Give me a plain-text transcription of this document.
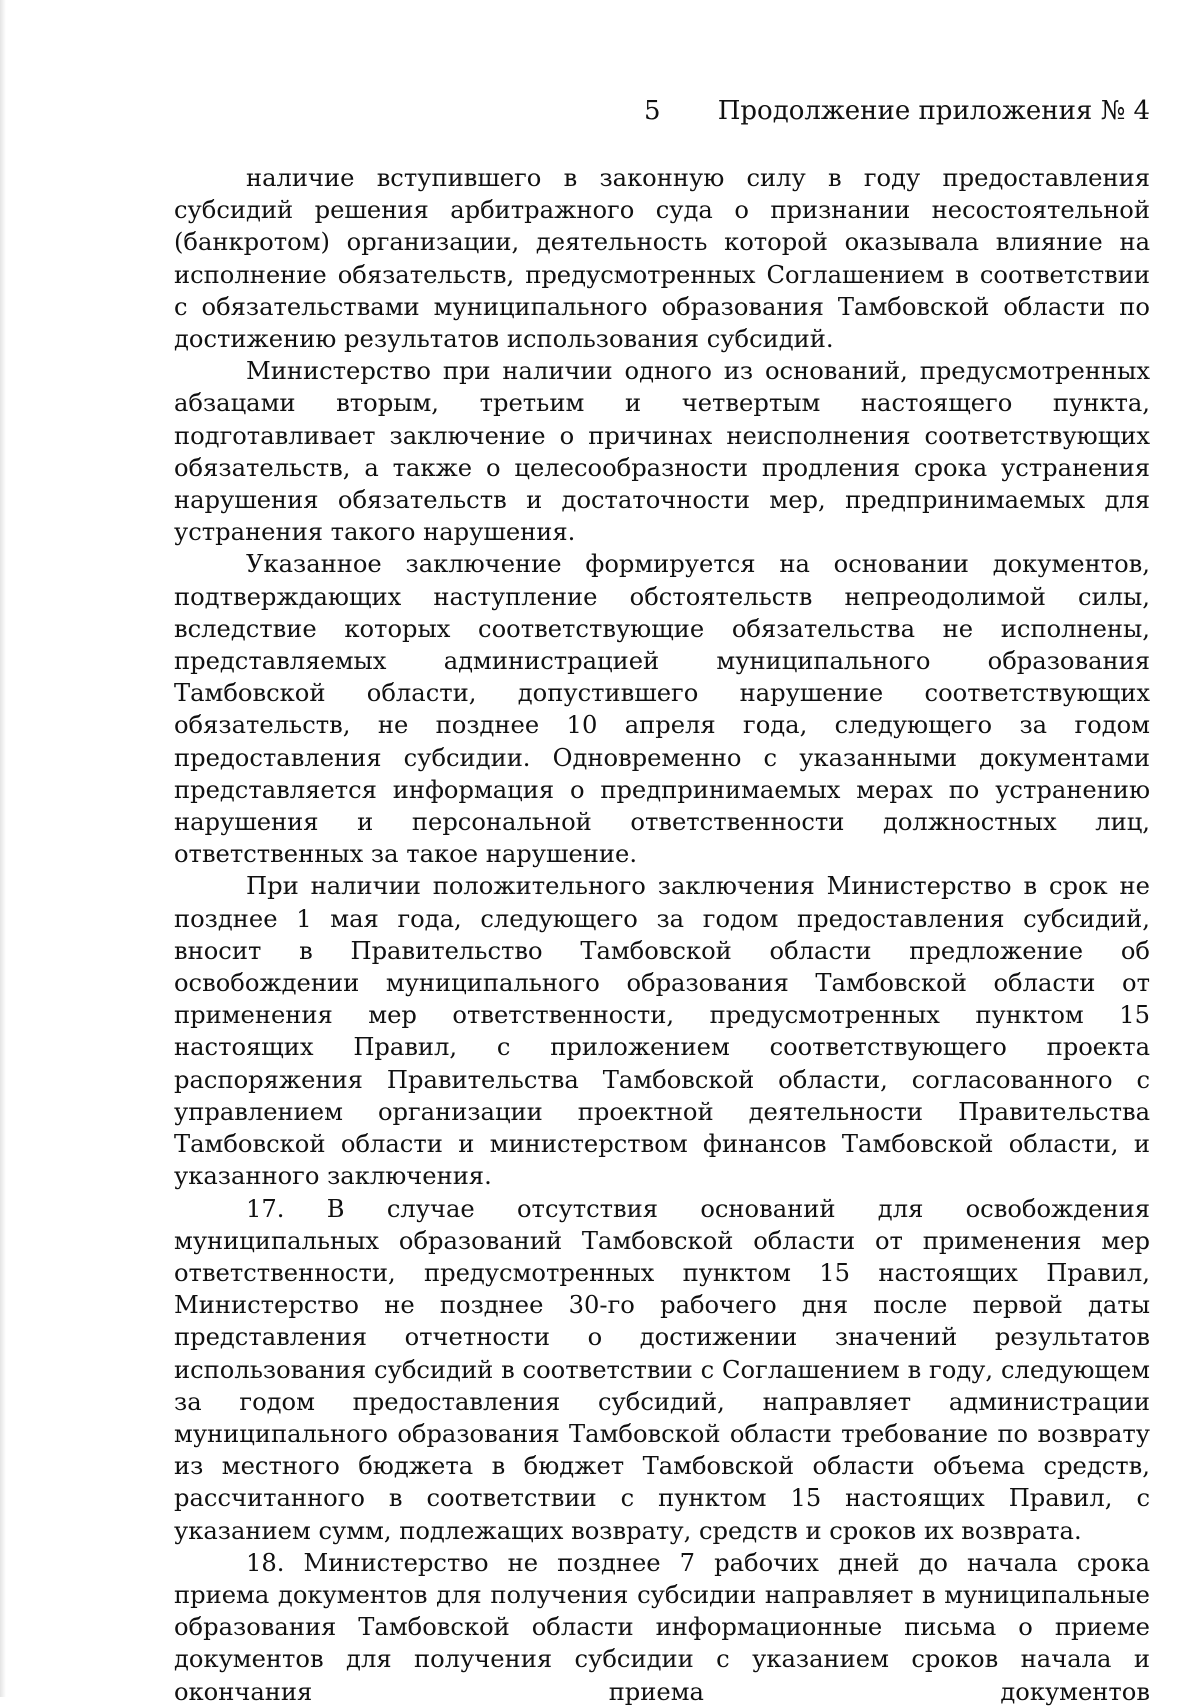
5 Продолжение приложения № 4

наличие вступившего в законную силу в году предоставления субсидий решения арбитражного суда о признании несостоятельной (банкротом) организации, деятельность которой оказывала влияние на исполнение обязательств, предусмотренных Соглашением в соответствии с обязательствами муниципального образования Тамбовской области по достижению результатов использования субсидий.

Министерство при наличии одного из оснований, предусмотренных абзацами вторым, третьим и четвертым настоящего пункта, подготавливает заключение о причинах неисполнения соответствующих обязательств, а также о целесообразности продления срока устранения нарушения обязательств и достаточности мер, предпринимаемых для устранения такого нарушения.

Указанное заключение формируется на основании документов, подтверждающих наступление обстоятельств непреодолимой силы, вследствие которых соответствующие обязательства не исполнены, представляемых администрацией муниципального образования Тамбовской области, допустившего нарушение соответствующих обязательств, не позднее 10 апреля года, следующего за годом предоставления субсидии. Одновременно с указанными документами представляется информация о предпринимаемых мерах по устранению нарушения и персональной ответственности должностных лиц, ответственных за такое нарушение.

При наличии положительного заключения Министерство в срок не позднее 1 мая года, следующего за годом предоставления субсидий, вносит в Правительство Тамбовской области предложение об освобождении муниципального образования Тамбовской области от применения мер ответственности, предусмотренных пунктом 15 настоящих Правил, с приложением соответствующего проекта распоряжения Правительства Тамбовской области, согласованного с управлением организации проектной деятельности Правительства Тамбовской области и министерством финансов Тамбовской области, и указанного заключения.

17. В случае отсутствия оснований для освобождения муниципальных образований Тамбовской области от применения мер ответственности, предусмотренных пунктом 15 настоящих Правил, Министерство не позднее 30-го рабочего дня после первой даты представления отчетности о достижении значений результатов использования субсидий в соответствии с Соглашением в году, следующем за годом предоставления субсидий, направляет администрации муниципального образования Тамбовской области требование по возврату из местного бюджета в бюджет Тамбовской области объема средств, рассчитанного в соответствии с пунктом 15 настоящих Правил, с указанием сумм, подлежащих возврату, средств и сроков их возврата.

18. Министерство не позднее 7 рабочих дней до начала срока приема документов для получения субсидии направляет в муниципальные образования Тамбовской области информационные письма о приеме документов для получения субсидии с указанием сроков начала и окончания приема документов
